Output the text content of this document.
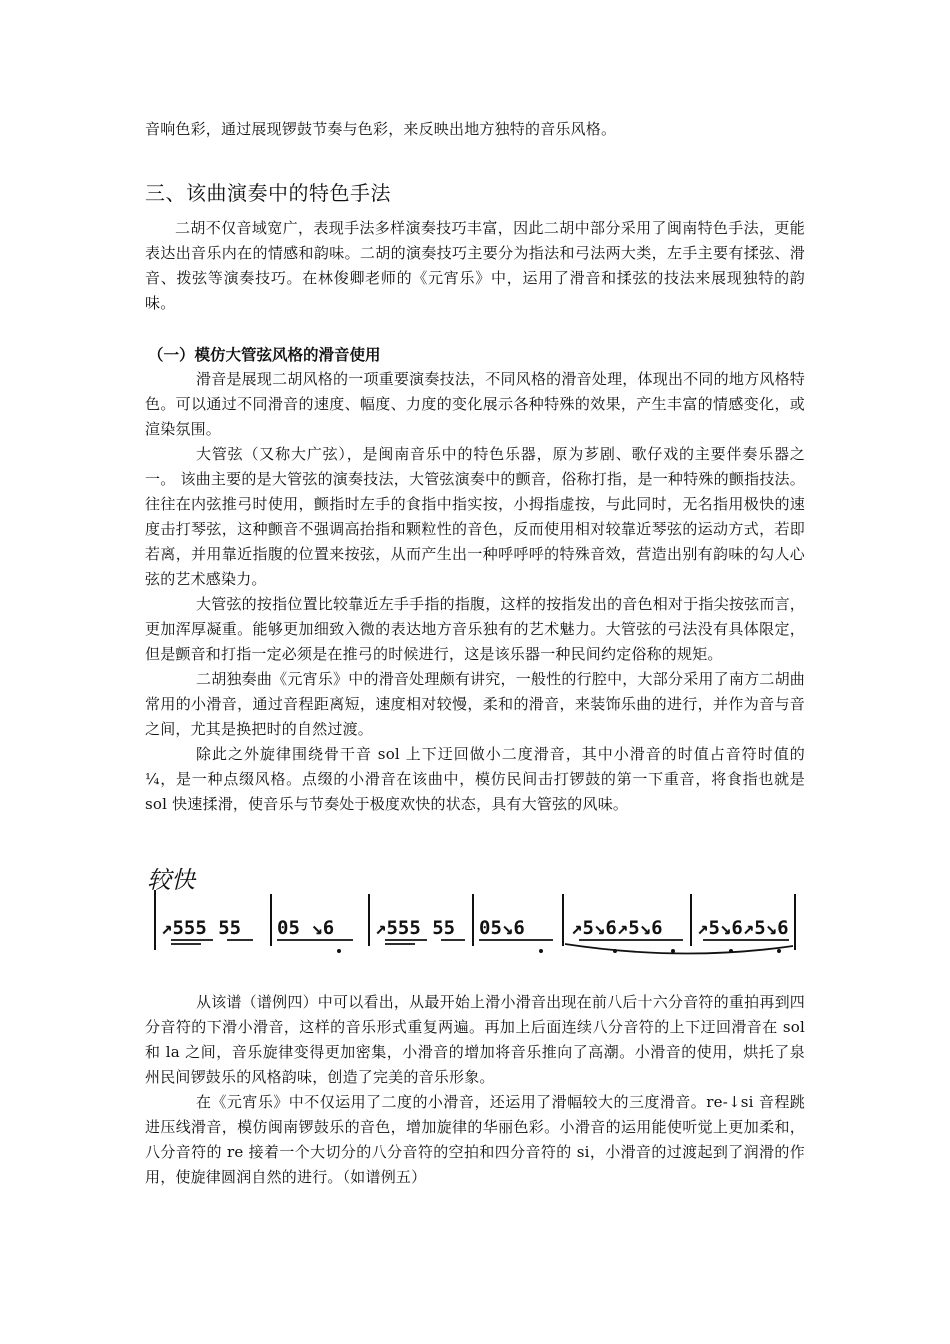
音响色彩，通过展现锣鼓节奏与色彩，来反映出地方独特的音乐风格。

三、该曲演奏中的特色手法

二胡不仅音域宽广，表现手法多样演奏技巧丰富，因此二胡中部分采用了闽南特色手法，更能表达出音乐内在的情感和韵味。二胡的演奏技巧主要分为指法和弓法两大类，左手主要有揉弦、滑音、拨弦等演奏技巧。在林俊卿老师的《元宵乐》中，运用了滑音和揉弦的技法来展现独特的韵味。

（一）模仿大管弦风格的滑音使用

滑音是展现二胡风格的一项重要演奏技法，不同风格的滑音处理，体现出不同的地方风格特色。可以通过不同滑音的速度、幅度、力度的变化展示各种特殊的效果，产生丰富的情感变化，或渲染氛围。

大管弦（又称大广弦），是闽南音乐中的特色乐器，原为芗剧、歌仔戏的主要伴奏乐器之一。 该曲主要的是大管弦的演奏技法，大管弦演奏中的颤音，俗称打指，是一种特殊的颤指技法。往往在内弦推弓时使用，颤指时左手的食指中指实按，小拇指虚按，与此同时，无名指用极快的速度击打琴弦，这种颤音不强调高抬指和颗粒性的音色，反而使用相对较靠近琴弦的运动方式，若即若离，并用靠近指腹的位置来按弦，从而产生出一种呼呼呼的特殊音效，营造出别有韵味的勾人心弦的艺术感染力。

大管弦的按指位置比较靠近左手手指的指腹，这样的按指发出的音色相对于指尖按弦而言，更加浑厚凝重。能够更加细致入微的表达地方音乐独有的艺术魅力。大管弦的弓法没有具体限定，但是颤音和打指一定必须是在推弓的时候进行，这是该乐器一种民间约定俗称的规矩。

二胡独奏曲《元宵乐》中的滑音处理颇有讲究，一般性的行腔中，大部分采用了南方二胡曲常用的小滑音，通过音程距离短，速度相对较慢，柔和的滑音，来装饰乐曲的进行，并作为音与音之间，尤其是换把时的自然过渡。

除此之外旋律围绕骨干音 sol 上下迂回做小二度滑音，其中小滑音的时值占音符时值的¼，是一种点缀风格。点缀的小滑音在该曲中，模仿民间击打锣鼓的第一下重音，将食指也就是 sol 快速揉滑，使音乐与节奏处于极度欢快的状态，具有大管弦的风味。

较快
↗555 55 05 ↘6 ↗555 55 05↘6 ↗5↘6↗5↘6 ↗5↘6↗5↘6

从该谱（谱例四）中可以看出，从最开始上滑小滑音出现在前八后十六分音符的重拍再到四分音符的下滑小滑音，这样的音乐形式重复两遍。再加上后面连续八分音符的上下迂回滑音在 sol 和 la 之间，音乐旋律变得更加密集，小滑音的增加将音乐推向了高潮。小滑音的使用，烘托了泉州民间锣鼓乐的风格韵味，创造了完美的音乐形象。

在《元宵乐》中不仅运用了二度的小滑音，还运用了滑幅较大的三度滑音。re-↓si 音程跳进压线滑音，模仿闽南锣鼓乐的音色，增加旋律的华丽色彩。小滑音的运用能使听觉上更加柔和，八分音符的 re 接着一个大切分的八分音符的空拍和四分音符的 si，小滑音的过渡起到了润滑的作用，使旋律圆润自然的进行。（如谱例五）
